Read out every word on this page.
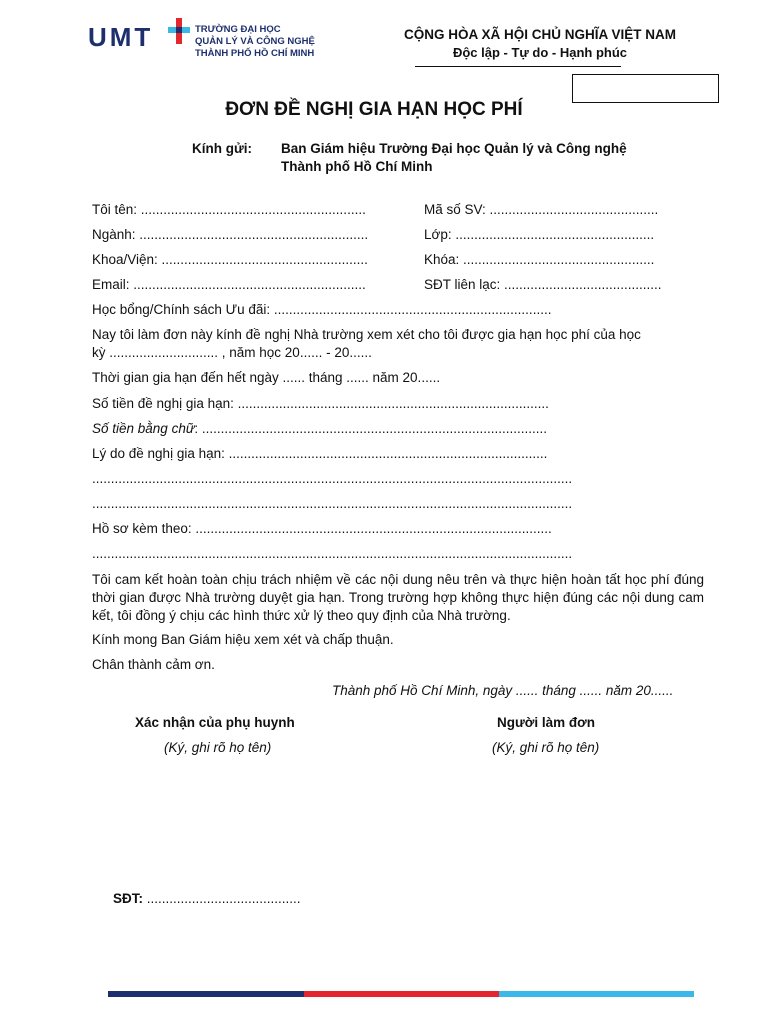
UMT	TRƯỜNG ĐẠI HỌC
QUẢN LÝ VÀ CÔNG NGHỆ
THÀNH PHỐ HỒ CHÍ MINH
CỘNG HÒA XÃ HỘI CHỦ NGHĨA VIỆT NAM
Độc lập - Tự do - Hạnh phúc
ĐƠN ĐỀ NGHỊ GIA HẠN HỌC PHÍ
Kính gửi: Ban Giám hiệu Trường Đại học Quản lý và Công nghệ
Thành phố Hồ Chí Minh
Tôi tên: ............................................................	Mã số SV: .............................................
Ngành: .............................................................	Lớp: .....................................................
Khoa/Viện: .......................................................	Khóa: ...................................................
Email: ..............................................................	SĐT liên lạc: ..........................................
Học bổng/Chính sách Ưu đãi: ..........................................................................
Nay tôi làm đơn này kính đề nghị Nhà trường xem xét cho tôi được gia hạn học phí của học
kỳ ............................. , năm học 20...... - 20......
Thời gian gia hạn đến hết ngày ...... tháng ...... năm 20......
Số tiền đề nghị gia hạn: ...................................................................................
Số tiền bằng chữ: ............................................................................................
Lý do đề nghị gia hạn: .....................................................................................
................................................................................................................................
................................................................................................................................
Hồ sơ kèm theo: ...............................................................................................
................................................................................................................................
Tôi cam kết hoàn toàn chịu trách nhiệm về các nội dung nêu trên và thực hiện hoàn tất học phí đúng thời gian được Nhà trường duyệt gia hạn. Trong trường hợp không thực hiện đúng các nội dung cam kết, tôi đồng ý chịu các hình thức xử lý theo quy định của Nhà trường.
Kính mong Ban Giám hiệu xem xét và chấp thuận.
Chân thành cảm ơn.
Thành phố Hồ Chí Minh, ngày ...... tháng ...... năm 20......
Xác nhận của phụ huynh
(Ký, ghi rõ họ tên)
Người làm đơn
(Ký, ghi rõ họ tên)
SĐT: .........................................
